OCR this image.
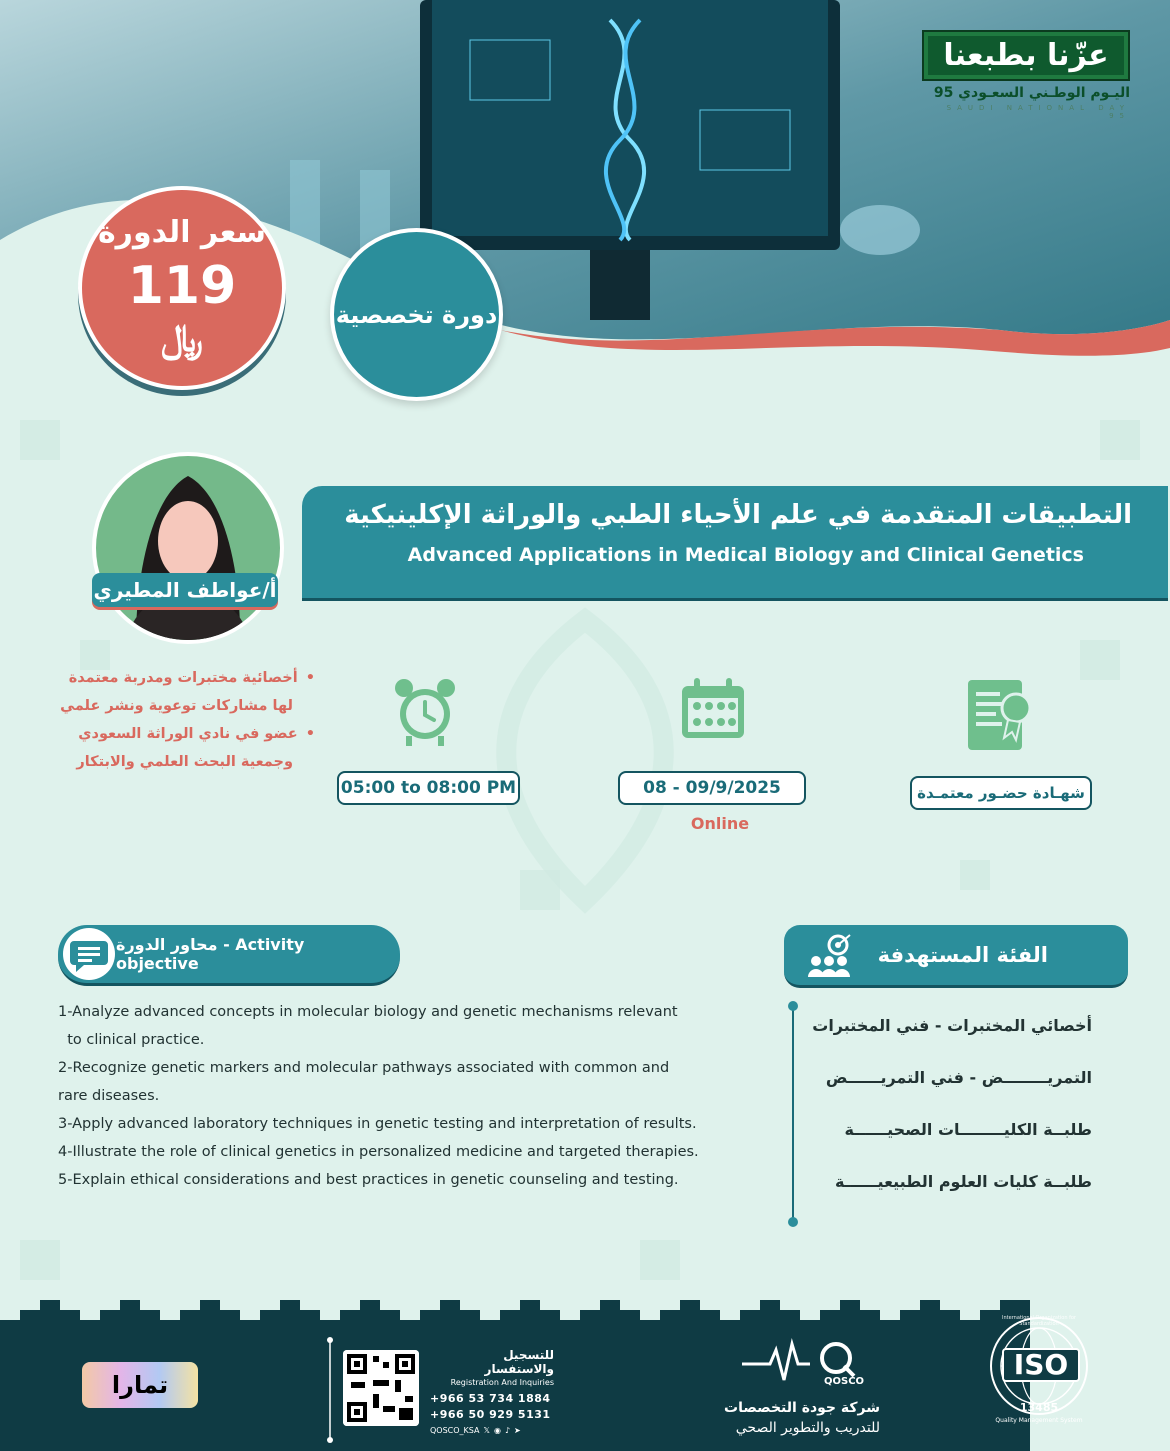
عزّنا بطبعنا
اليـوم الوطـني السعـودي 95
SAUDI NATIONAL DAY 95
سعر الدورة
119
﷼
دورة تخصصية
أ/عواطف المطيري
التطبيقات المتقدمة في علم الأحياء الطبي والوراثة الإكلينيكية
Advanced Applications in Medical Biology and Clinical Genetics
•أخصائية مختبرات ومدربة معتمدة
لها مشاركات توعوية ونشر علمي
•عضو في نادي الوراثة السعودي
وجمعية البحث العلمي والابتكار
05:00 to 08:00 PM	08 - 09/9/2025
Online
شهـادة حضـور معتمـدة
محاور الدورة - Activity objective
1-Analyze advanced concepts in molecular biology and genetic mechanisms relevant
to clinical practice.
2-Recognize genetic markers and molecular pathways associated with common and
rare diseases.
3-Apply advanced laboratory techniques in genetic testing and interpretation of results.
4-Illustrate the role of clinical genetics in personalized medicine and targeted therapies.
5-Explain ethical considerations and best practices in genetic counseling and testing.
الفئة المستهدفة
أخصائي المختبرات - فني المختبرات
التمريــــــــض - فني التمريــــــض
طلبــة الكليــــــــات الصحيــــــة
طلبــة كليات العلوم الطبيعيــــــة
تمارا
للتسجيل والاستفسار
Registration And Inquiries
+966 53 734 1884
+966 50 929 5131
QOSCO_KSA 𝕏 ◉ ♪ ➤
QOSCO
شركة جودة التخصصات
للتدريب والتطوير الصحي
ISO
13485
Quality Management System
International Organization for Standardization
